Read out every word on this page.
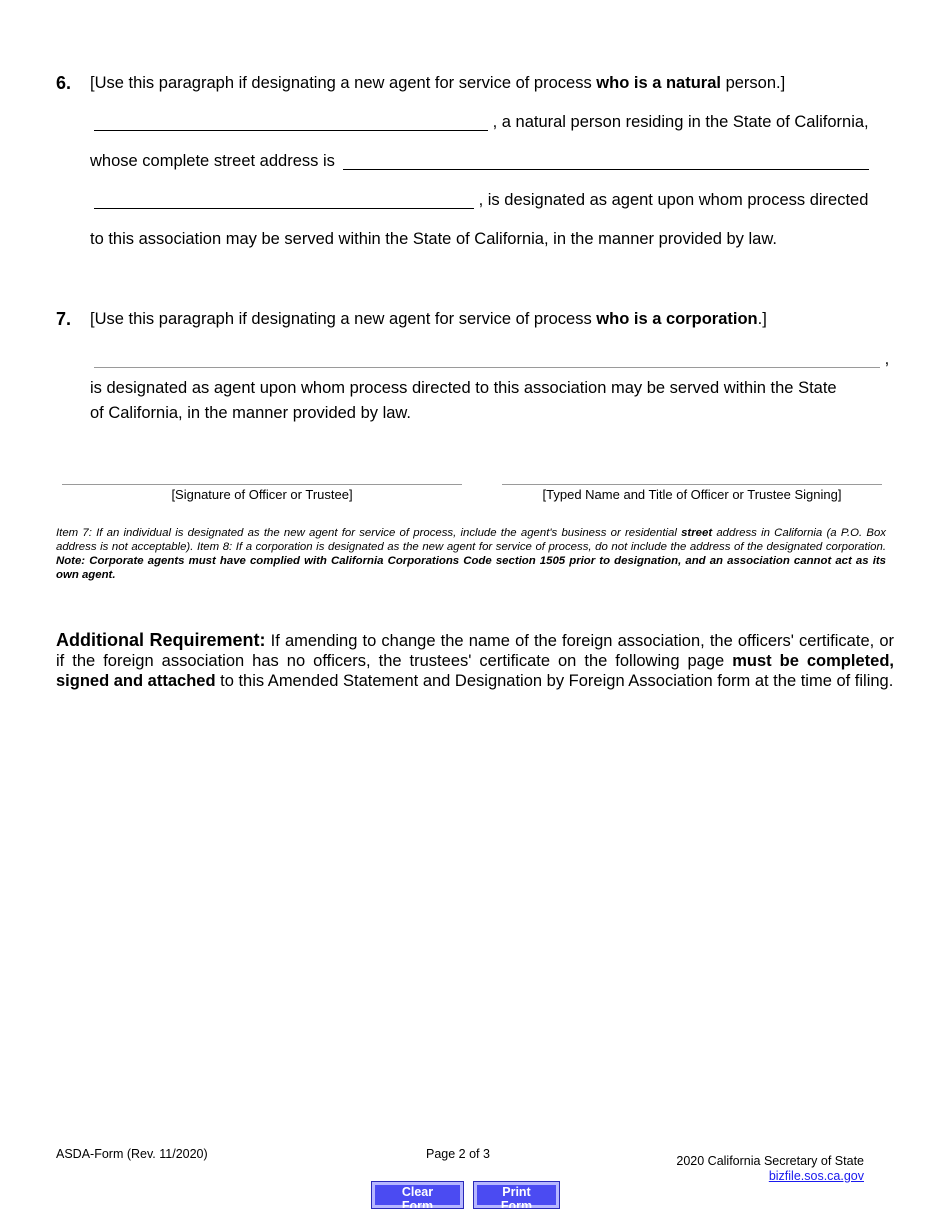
6. [Use this paragraph if designating a new agent for service of process who is a natural person.]
, a natural person residing in the State of California,
whose complete street address is
, is designated as agent upon whom process directed
to this association may be served within the State of California, in the manner provided by law.
7. [Use this paragraph if designating a new agent for service of process who is a corporation.]
,
is designated as agent upon whom process directed to this association may be served within the State
of California, in the manner provided by law.
[Signature of Officer or Trustee]	[Typed Name and Title of Officer or Trustee Signing]
Item 7: If an individual is designated as the new agent for service of process, include the agent's business or residential street address in California (a P.O. Box address is not acceptable). Item 8: If a corporation is designated as the new agent for service of process, do not include the address of the designated corporation. Note: Corporate agents must have complied with California Corporations Code section 1505 prior to designation, and an association cannot act as its own agent.
Additional Requirement: If amending to change the name of the foreign association, the officers' certificate, or if the foreign association has no officers, the trustees' certificate on the following page must be completed, signed and attached to this Amended Statement and Designation by Foreign Association form at the time of filing.
ASDA-Form (Rev. 11/2020)	Page 2 of 3	2020 California Secretary of State
bizfile.sos.ca.gov
Clear Form
Print Form
